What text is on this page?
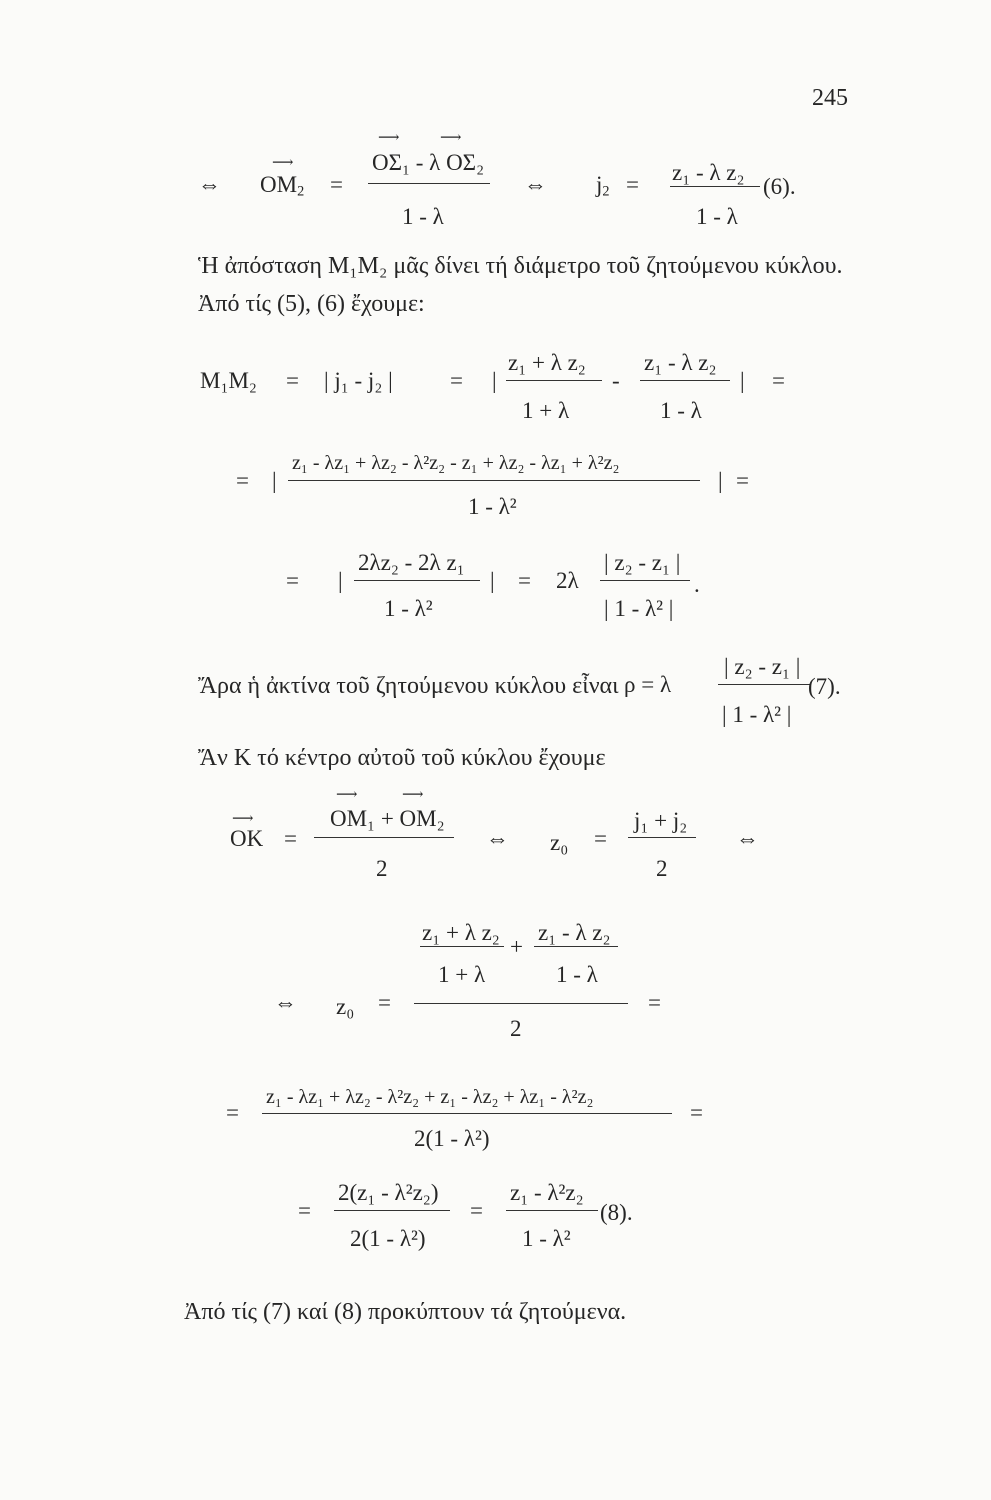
245
⇔ $OM_2$
⟶
=
⟶	⟶
OΣ₁ - λ OΣ₂
1 - λ
⇔ $j_2 = z_1 - \lambda$ z₂
1 - λ
(6).
Ἡ ἀπόσταση M₁M₂ μᾶς δίνει τή διάμετρο τοῦ ζητούμενου κύκλου.
Ἀπό τίς (5), (6) ἔχουμε:
M₁M₂ = | j₁ - j₂ | = |
z₁ + λ z₂
1 + λ
-
z₁ - λ z₂
1 - λ
| =
= |
z₁ - λz₁ + λz₂ - λ²z₂ - z₁ + λz₂ - λz₁ + λ²z₂
1 - λ²
| =
= |
2λz₂ - 2λ z₁
1 - λ²
| = 2λ
| z₂ - z₁ |
| 1 - λ² |
.
Ἄρα ἡ ἀκτίνα τοῦ ζητούμενου κύκλου εἶναι ρ = λ
| z₂ - z₁ |
| 1 - λ² |
(7).
Ἄν K τό κέντρο αὐτοῦ τοῦ κύκλου ἔχουμε
⟶
OK =
⟶	⟶
OM₁ + OM₂
2
⇔ z₀ =
j₁ + j₂
2
⇔
z₁ + λ z₂
1 + λ
+
z₁ - λ z₂
1 - λ
⇔ z₀ =
2
=
=
z₁ - λz₁ + λz₂ - λ²z₂ + z₁ - λz₂ + λz₁ - λ²z₂
2(1 - λ²)
=
=
2(z₁ - λ²z₂)
2(1 - λ²)
=
z₁ - λ²z₂
1 - λ²
(8).
Ἀπό τίς (7) καί (8) προκύπτουν τά ζητούμενα.
